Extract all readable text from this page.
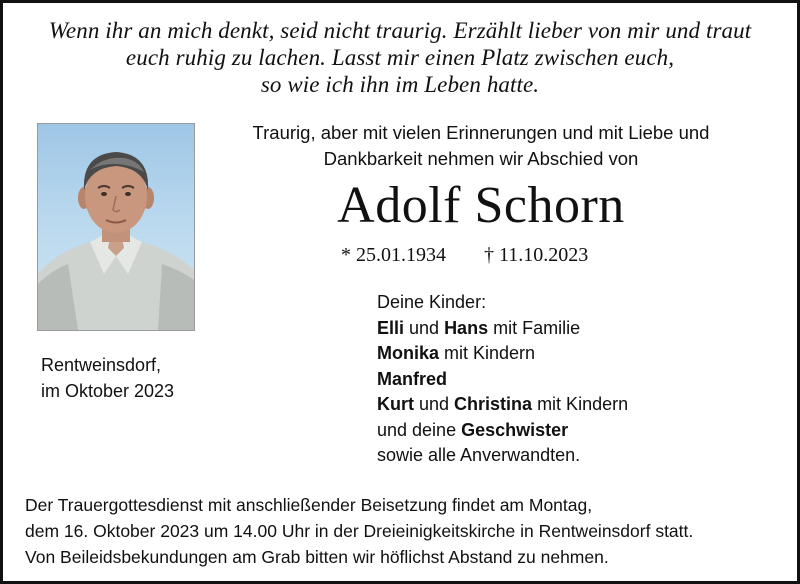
Wenn ihr an mich denkt, seid nicht traurig. Erzählt lieber von mir und traut
euch ruhig zu lachen. Lasst mir einen Platz zwischen euch,
so wie ich ihn im Leben hatte.
Rentweinsdorf,
im Oktober 2023
Traurig, aber mit vielen Erinnerungen und mit Liebe und
Dankbarkeit nehmen wir Abschied von
Adolf Schorn
* 25.01.1934 † 11.10.2023
Deine Kinder:
Elli und Hans mit Familie
Monika mit Kindern
Manfred
Kurt und Christina mit Kindern
und deine Geschwister
sowie alle Anverwandten.
Der Trauergottesdienst mit anschließender Beisetzung findet am Montag,
dem 16. Oktober 2023 um 14.00 Uhr in der Dreieinigkeitskirche in Rentweinsdorf statt.
Von Beileidsbekundungen am Grab bitten wir höflichst Abstand zu nehmen.
